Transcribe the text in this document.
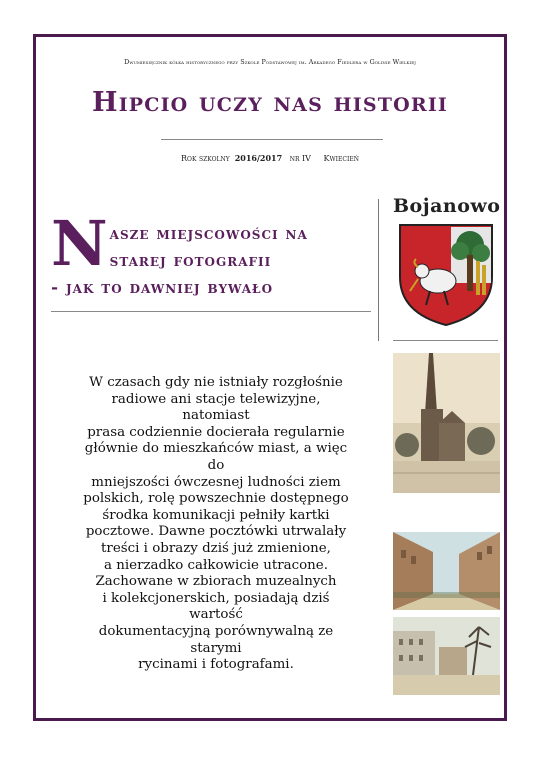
Dwumiesięcznik kółka historycznego przy Szkole Podstawowej im. Arkadego Fiedlera w Golinie Wielkiej
Hipcio uczy nas historii
Rok szkolny 2016/2017 nr IV Kwiecień
N asze miejscowości na
starej fotografii
- jak to dawniej bywało

W czasach gdy nie istniały rozgłośnie

radiowe ani stacje telewizyjne, natomiast

prasa codziennie docierała regularnie

głównie do mieszkańców miast, a więc do

mniejszości ówczesnej ludności ziem

polskich, rolę powszechnie dostępnego

środka komunikacji pełniły kartki

pocztowe. Dawne pocztówki utrwalały

treści i obrazy dziś już zmienione,

a nierzadko całkowicie utracone.

Zachowane w zbiorach muzealnych

i kolekcjonerskich, posiadają dziś wartość

dokumentacyjną porównywalną ze starymi

rycinami i fotografami.

Bojanowo
